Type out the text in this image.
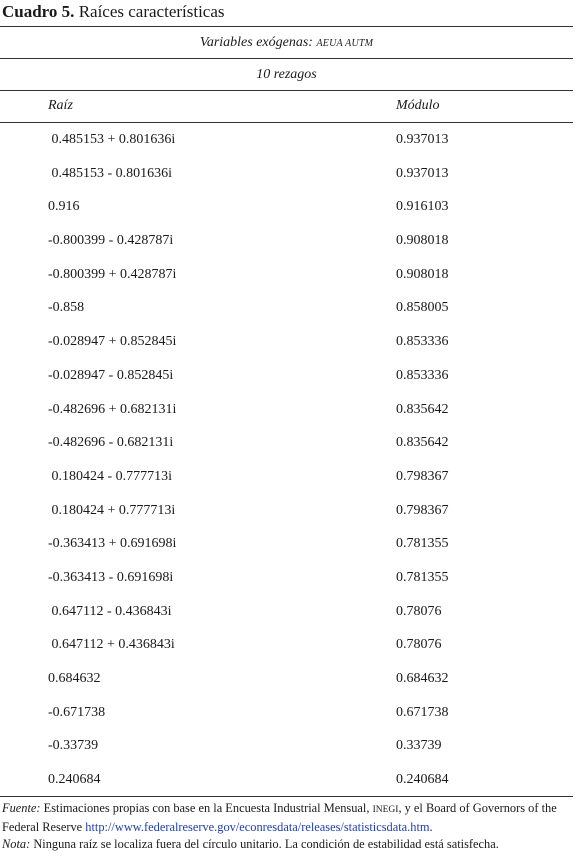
Cuadro 5. Raíces características
Variables exógenas: AEUA AUTM
10 rezagos
Raíz	Módulo
0.485153 + 0.801636i	0.937013
0.485153 - 0.801636i	0.937013
0.916	0.916103
-0.800399 - 0.428787i	0.908018
-0.800399 + 0.428787i	0.908018
-0.858	0.858005
-0.028947 + 0.852845i	0.853336
-0.028947 - 0.852845i	0.853336
-0.482696 + 0.682131i	0.835642
-0.482696 - 0.682131i	0.835642
0.180424 - 0.777713i	0.798367
0.180424 + 0.777713i	0.798367
-0.363413 + 0.691698i	0.781355
-0.363413 - 0.691698i	0.781355
0.647112 - 0.436843i	0.78076
0.647112 + 0.436843i	0.78076
0.684632	0.684632
-0.671738	0.671738
-0.33739	0.33739
0.240684	0.240684
Fuente: Estimaciones propias con base en la Encuesta Industrial Mensual, INEGI, y el Board of Governors of the Federal Reserve http://www.federalreserve.gov/econresdata/releases/statisticsdata.htm.
Nota: Ninguna raíz se localiza fuera del círculo unitario. La condición de estabilidad está satisfecha.
